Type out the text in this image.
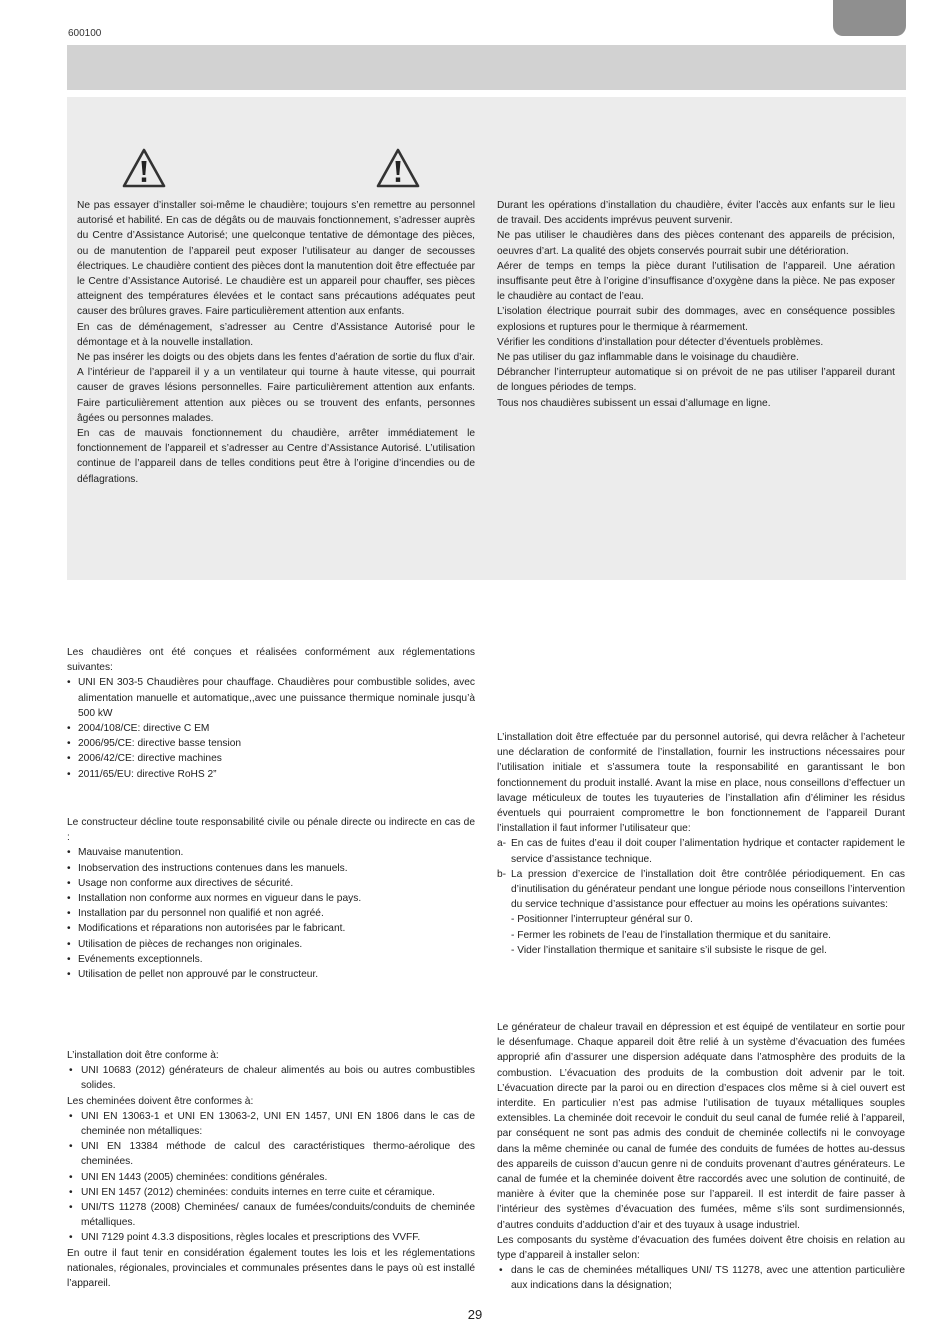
600100

Ne pas essayer d’installer soi-même le chaudière; toujours s’en remettre au personnel autorisé et habilité. En cas de dégâts ou de mauvais fonctionnement, s’adresser auprès du Centre d’Assistance Autorisé; une quelconque tentative de démontage des pièces, ou de manutention de l’appareil peut exposer l’utilisateur au danger de secousses électriques. Le chaudière contient des pièces dont la manutention doit être effectuée par le Centre d’Assistance Autorisé. Le chaudière est un appareil pour chauffer, ses pièces atteignent des températures élevées et le contact sans précautions adéquates peut causer des brûlures graves. Faire particulièrement attention aux enfants.

En cas de déménagement, s’adresser au Centre d’Assistance Autorisé pour le démontage et à la nouvelle installation.

Ne pas insérer les doigts ou des objets dans les fentes d’aération de sortie du flux d’air. A l’intérieur de l’appareil il y a un ventilateur qui tourne à haute vitesse, qui pourrait causer de graves lésions personnelles. Faire particulièrement attention aux enfants. Faire particulièrement attention aux pièces ou se trouvent des enfants, personnes âgées ou personnes malades.

En cas de mauvais fonctionnement du chaudière, arrêter immédiatement le fonctionnement de l’appareil et s’adresser au Centre d’Assistance Autorisé. L’utilisation continue de l’appareil dans de telles conditions peut être à l’origine d’incendies ou de déflagrations.

Durant les opérations d’installation du chaudière, éviter l’accès aux enfants sur le lieu de travail. Des accidents imprévus peuvent survenir.

Ne pas utiliser le chaudières dans des pièces contenant des appareils de précision, oeuvres d’art. La qualité des objets conservés pourrait subir une détérioration.

Aérer de temps en temps la pièce durant l’utilisation de l’appareil. Une aération insuffisante peut être à l’origine d’insuffisance d’oxygène dans la pièce. Ne pas exposer le chaudière au contact de l’eau.

L’isolation électrique pourrait subir des dommages, avec en conséquence possibles explosions et ruptures pour le thermique à réarmement.

Vérifier les conditions d’installation pour détecter d’éventuels problèmes.

Ne pas utiliser du gaz inflammable dans le voisinage du chaudière.

Débrancher l’interrupteur automatique si on prévoit de ne pas utiliser l’appareil durant de longues périodes de temps.

Tous nos chaudières subissent un essai d’allumage en ligne.

Les chaudières ont été conçues et réalisées conformément aux réglementations suivantes:

• UNI EN 303-5 Chaudières pour chauffage. Chaudières pour combustible solides, avec alimentation manuelle et automatique,,avec une puissance thermique nominale jusqu’à 500 kW
• 2004/108/CE: directive C EM
• 2006/95/CE: directive basse tension
• 2006/42/CE: directive machines
• 2011/65/EU: directive RoHS 2”

Le constructeur décline toute responsabilité civile ou pénale directe ou indirecte en cas de :

• Mauvaise manutention.
• Inobservation des instructions contenues dans les manuels.
• Usage non conforme aux directives de sécurité.
• Installation non conforme aux normes en vigueur dans le pays.
• Installation par du personnel non qualifié et non agréé.
• Modifications et réparations non autorisées par le fabricant.
• Utilisation de pièces de rechanges non originales.
• Evénements exceptionnels.
• Utilisation de pellet non approuvé par le constructeur.

L’installation doit être conforme à:

• UNI 10683 (2012) générateurs de chaleur alimentés au bois ou autres combustibles solides.

Les cheminées doivent être conformes à:

• UNI EN 13063-1 et UNI EN 13063-2, UNI EN 1457, UNI EN 1806 dans le cas de cheminée non métalliques:
• UNI EN 13384 méthode de calcul des caractéristiques thermo-aérolique des cheminées.
• UNI EN 1443 (2005) cheminées: conditions générales.
• UNI EN 1457 (2012) cheminées: conduits internes en terre cuite et céramique.
• UNI/TS 11278 (2008) Cheminées/ canaux de fumées/conduits/conduits de cheminée métalliques.
• UNI 7129 point 4.3.3 dispositions, règles locales et prescriptions des VVFF.

En outre il faut tenir en considération également toutes les lois et les réglementations nationales, régionales, provinciales et communales présentes dans le pays où est installé l’appareil.

L’installation doit être effectuée par du personnel autorisé, qui devra relâcher à l’acheteur une déclaration de conformité de l’installation, fournir les instructions nécessaires pour l’utilisation initiale et s’assumera toute la responsabilité en garantissant le bon fonctionnement du produit installé. Avant la mise en place, nous conseillons d’effectuer un lavage méticuleux de toutes les tuyauteries de l’installation afin d’éliminer les résidus éventuels qui pourraient compromettre le bon fonctionnement de l’appareil Durant l’installation il faut informer l’utilisateur que:

a- En cas de fuites d’eau il doit couper l’alimentation hydrique et contacter rapidement le service d’assistance technique.
b- La pression d’exercice de l’installation doit être contrôlée périodiquement. En cas d’inutilisation du générateur pendant une longue période nous conseillons l’intervention du service technique d’assistance pour effectuer au moins les opérations suivantes:
- Positionner l’interrupteur général sur 0.
- Fermer les robinets de l’eau de l’installation thermique et du sanitaire.
- Vider l’installation thermique et sanitaire s’il subsiste le risque de gel.

Le générateur de chaleur travail en dépression et est équipé de ventilateur en sortie pour le désenfumage. Chaque appareil doit être relié à un système d’évacuation des fumées approprié afin d’assurer une dispersion adéquate dans l’atmosphère des produits de la combustion. L’évacuation des produits de la combustion doit advenir par le toit. L’évacuation directe par la paroi ou en direction d’espaces clos même si à ciel ouvert est interdite. En particulier n’est pas admise l’utilisation de tuyaux métalliques souples extensibles. La cheminée doit recevoir le conduit du seul canal de fumée relié à l’appareil, par conséquent ne sont pas admis des conduit de cheminée collectifs ni le convoyage dans la même cheminée ou canal de fumée des conduits de fumées de hottes au-dessus des appareils de cuisson d’aucun genre ni de conduits provenant d’autres générateurs. Le canal de fumée et la cheminée doivent être raccordés avec une solution de continuité, de manière à éviter que la cheminée pose sur l’appareil. Il est interdit de faire passer à l’intérieur des systèmes d’évacuation des fumées, même s’ils sont surdimensionnés, d’autres conduits d’adduction d’air et des tuyaux à usage industriel.

Les composants du système d’évacuation des fumées doivent être choisis en relation au type d’appareil à installer selon:

• dans le cas de cheminées métalliques UNI/ TS 11278, avec une attention particulière aux indications dans la désignation;
29
